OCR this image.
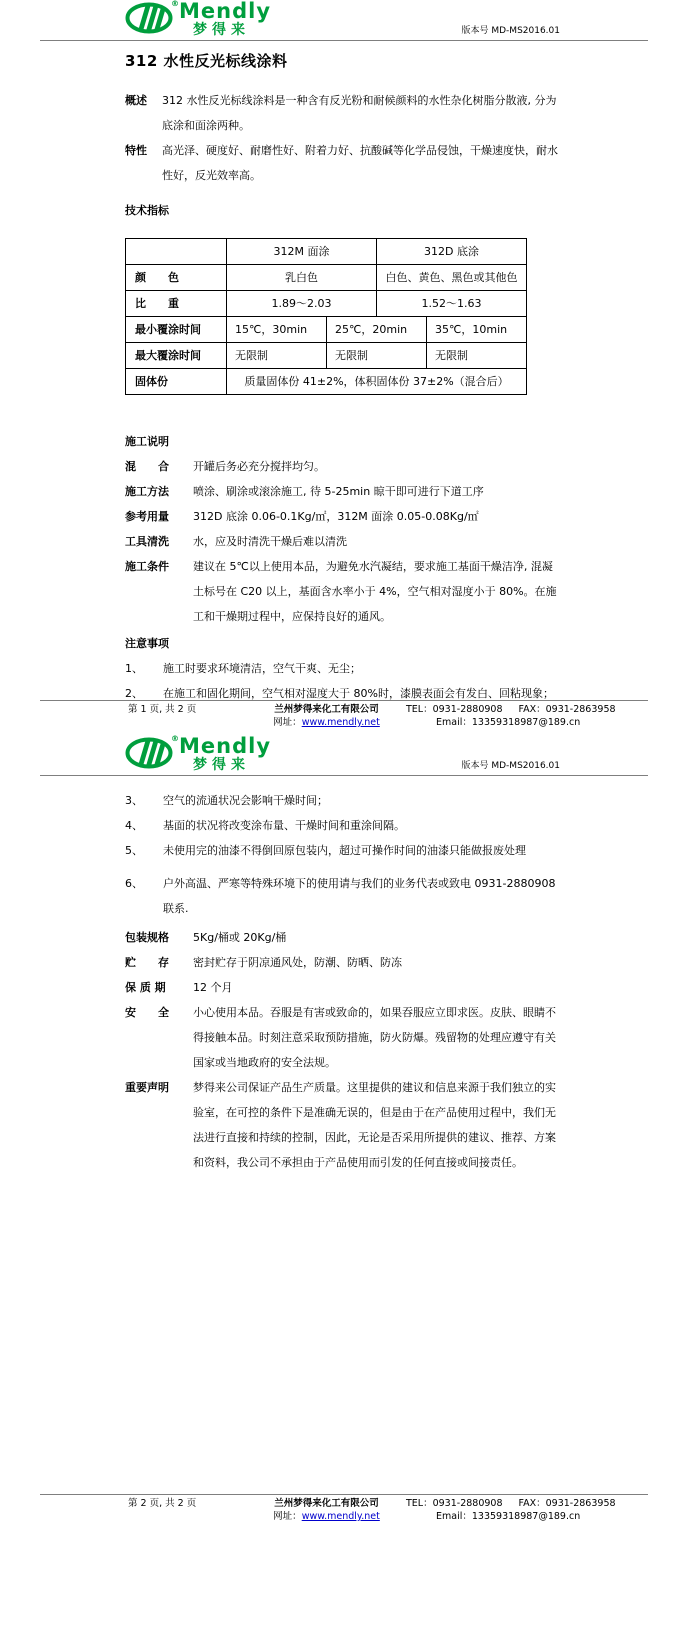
® Mendly
梦得来	版本号 MD-MS2016.01
312 水性反光标线涂料
概述	312 水性反光标线涂料是一种含有反光粉和耐候颜料的水性杂化树脂分散液, 分为底涂和面涂两种。
特性	高光泽、硬度好、耐磨性好、附着力好、抗酸碱等化学品侵蚀，干燥速度快，耐水性好，反光效率高。
技术指标
	312M 面涂		312D 底涂	
颜　　色	乳白色		白色、黄色、黑色或其他色	
比　　重	1.89～2.03		1.52～1.63	
最小覆涂时间	15℃，30min	25℃，20min		35℃，10min
最大覆涂时间	无限制	无限制		无限制
固体份	质量固体份 41±2%，体积固体份 37±2%（混合后）			
施工说明
混　　合	开罐后务必充分搅拌均匀。
施工方法	喷涂、刷涂或滚涂施工, 待 5-25min 晾干即可进行下道工序
参考用量	312D 底涂 0.06-0.1Kg/㎡，312M 面涂 0.05-0.08Kg/㎡
工具清洗	水，应及时清洗干燥后难以清洗
施工条件	建议在 5℃以上使用本品，为避免水汽凝结，要求施工基面干燥洁净, 混凝土标号在 C20 以上，基面含水率小于 4%，空气相对湿度小于 80%。在施工和干燥期过程中，应保持良好的通风。
注意事项
1、	施工时要求环境清洁，空气干爽、无尘；
2、	在施工和固化期间，空气相对湿度大于 80%时，漆膜表面会有发白、回粘现象；
第 1 页, 共 2 页	兰州梦得来化工有限公司
网址：www.mendly.net
TEL：0931-2880908 FAX：0931-2863958
Email：13359318987@189.cn
® Mendly
梦得来	版本号 MD-MS2016.01
3、	空气的流通状况会影响干燥时间；
4、	基面的状况将改变涂布量、干燥时间和重涂间隔。
5、	未使用完的油漆不得倒回原包装内，超过可操作时间的油漆只能做报废处理
6、	户外高温、严寒等特殊环境下的使用请与我们的业务代表或致电 0931-2880908 联系.
包装规格	5Kg/桶或 20Kg/桶
贮　　存	密封贮存于阴凉通风处，防潮、防晒、防冻
保 质 期	12 个月
安　　全	小心使用本品。吞服是有害或致命的，如果吞服应立即求医。皮肤、眼睛不得接触本品。时刻注意采取预防措施，防火防爆。残留物的处理应遵守有关国家或当地政府的安全法规。
重要声明	梦得来公司保证产品生产质量。这里提供的建议和信息来源于我们独立的实验室，在可控的条件下是准确无误的，但是由于在产品使用过程中，我们无法进行直接和持续的控制，因此，无论是否采用所提供的建议、推荐、方案和资料，我公司不承担由于产品使用而引发的任何直接或间接责任。
第 2 页, 共 2 页	兰州梦得来化工有限公司
网址：www.mendly.net
TEL：0931-2880908 FAX：0931-2863958
Email：13359318987@189.cn
